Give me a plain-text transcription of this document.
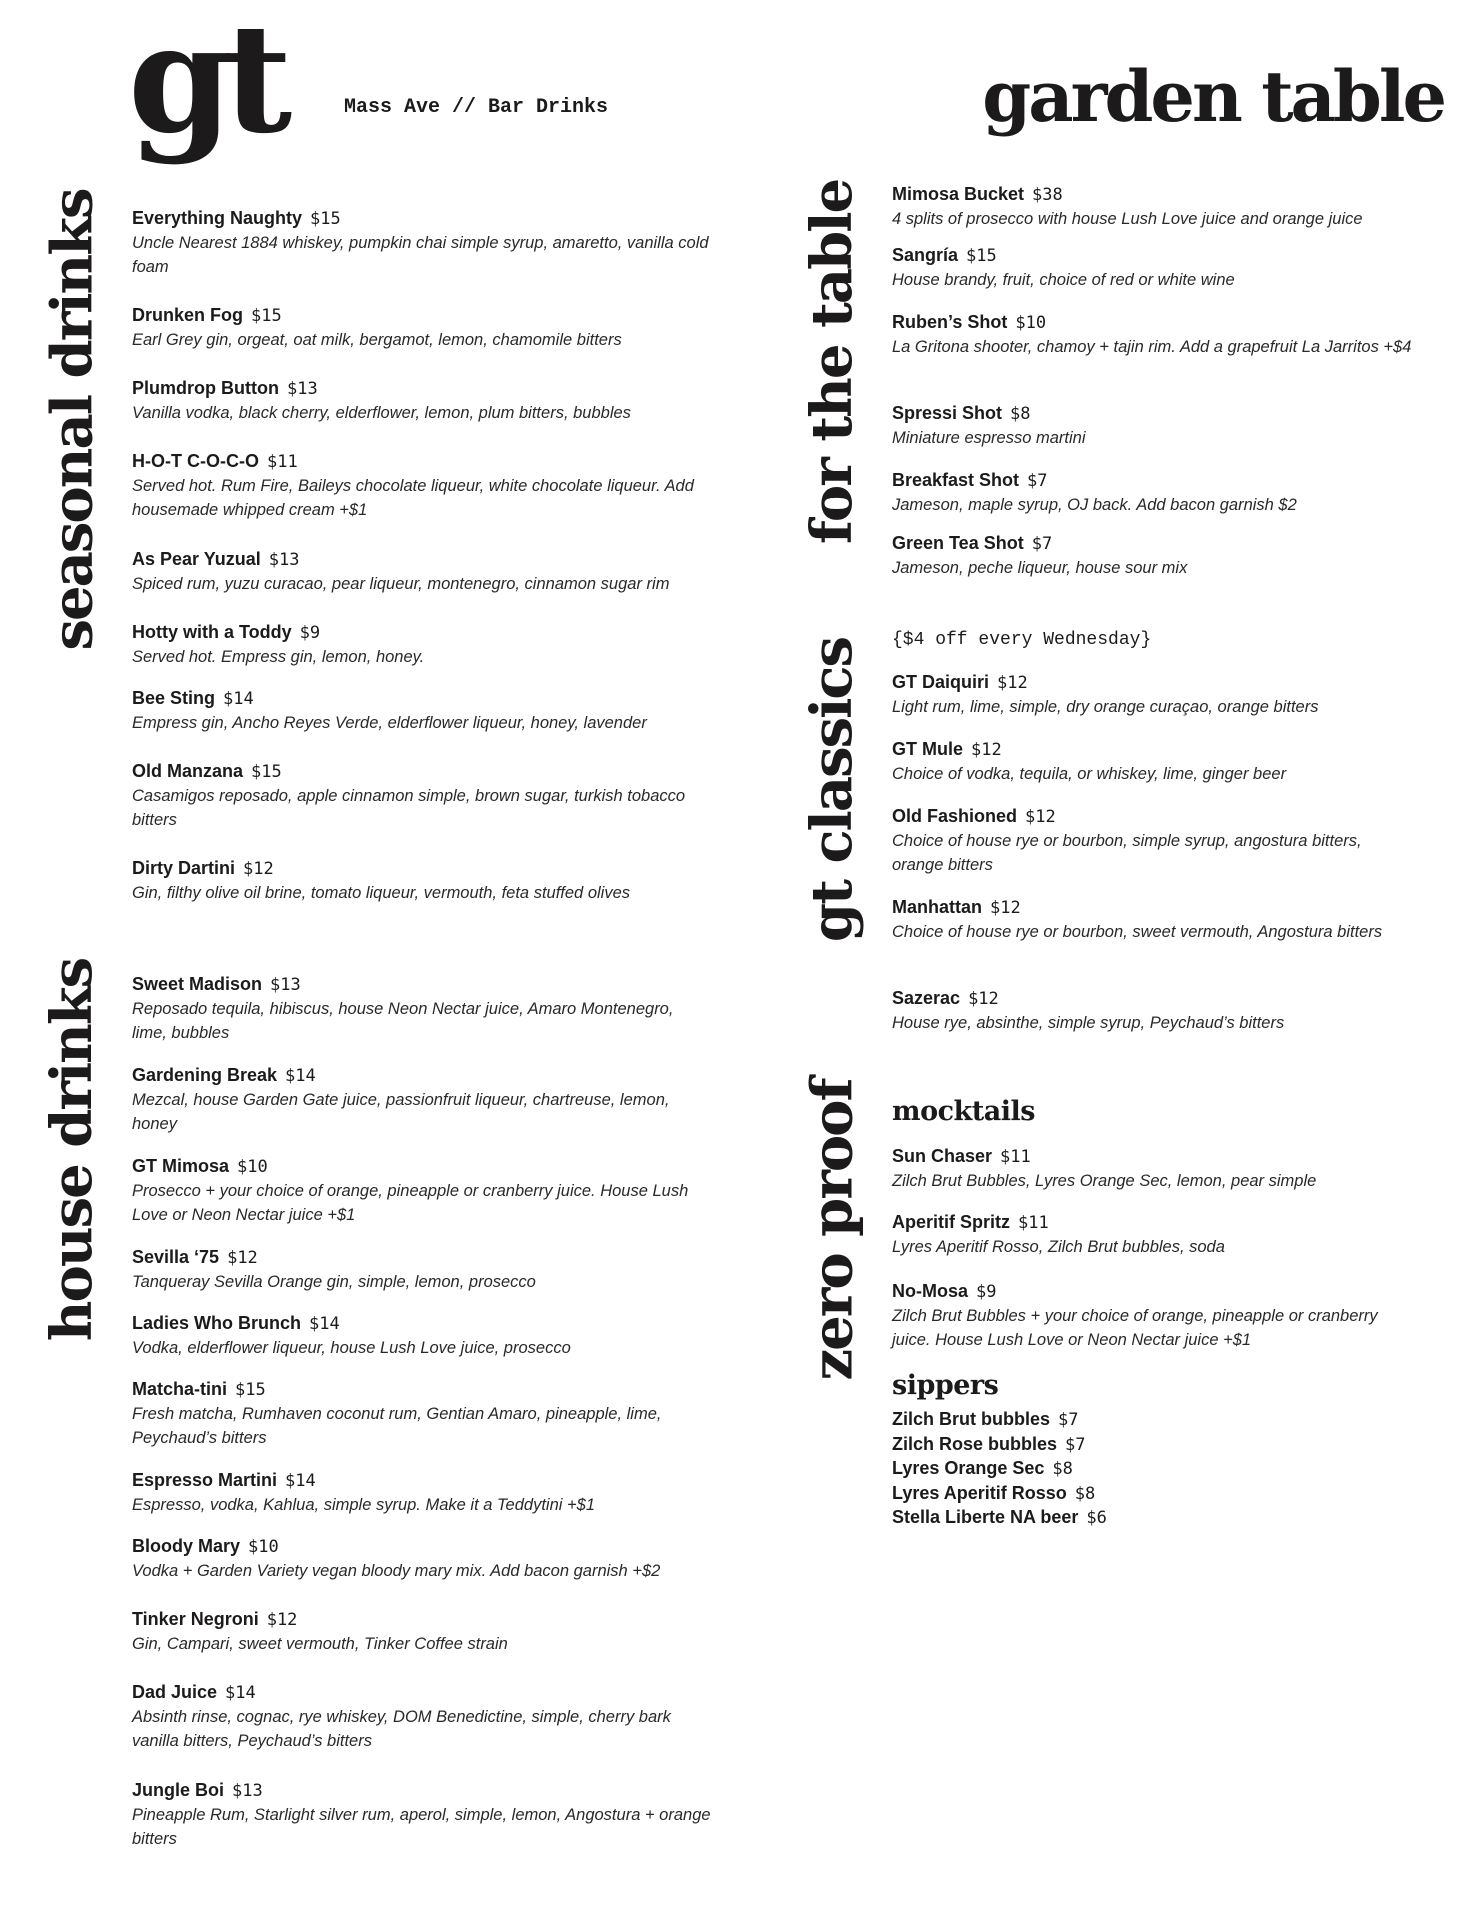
gt	Mass Ave // Bar Drinks	garden table
seasonal drinks
house drinks
for the table
gt classics
zero proof
Everything Naughty $15
Uncle Nearest 1884 whiskey, pumpkin chai simple syrup, amaretto, vanilla cold foam
Drunken Fog $15
Earl Grey gin, orgeat, oat milk, bergamot, lemon, chamomile bitters
Plumdrop Button $13
Vanilla vodka, black cherry, elderflower, lemon, plum bitters, bubbles
H-O-T C-O-C-O $11
Served hot. Rum Fire, Baileys chocolate liqueur, white chocolate liqueur. Add housemade whipped cream +$1
As Pear Yuzual $13
Spiced rum, yuzu curacao, pear liqueur, montenegro, cinnamon sugar rim
Hotty with a Toddy $9
Served hot. Empress gin, lemon, honey.
Bee Sting $14
Empress gin, Ancho Reyes Verde, elderflower liqueur, honey, lavender
Old Manzana $15
Casamigos reposado, apple cinnamon simple, brown sugar, turkish tobacco bitters
Dirty Dartini $12
Gin, filthy olive oil brine, tomato liqueur, vermouth, feta stuffed olives
Sweet Madison $13
Reposado tequila, hibiscus, house Neon Nectar juice, Amaro Montenegro, lime, bubbles
Gardening Break $14
Mezcal, house Garden Gate juice, passionfruit liqueur, chartreuse, lemon, honey
GT Mimosa $10
Prosecco + your choice of orange, pineapple or cranberry juice. House Lush Love or Neon Nectar juice +$1
Sevilla ‘75 $12
Tanqueray Sevilla Orange gin, simple, lemon, prosecco
Ladies Who Brunch $14
Vodka, elderflower liqueur, house Lush Love juice, prosecco
Matcha-tini $15
Fresh matcha, Rumhaven coconut rum, Gentian Amaro, pineapple, lime, Peychaud’s bitters
Espresso Martini $14
Espresso, vodka, Kahlua, simple syrup. Make it a Teddytini +$1
Bloody Mary $10
Vodka + Garden Variety vegan bloody mary mix. Add bacon garnish +$2
Tinker Negroni $12
Gin, Campari, sweet vermouth, Tinker Coffee strain
Dad Juice $14
Absinth rinse, cognac, rye whiskey, DOM Benedictine, simple, cherry bark vanilla bitters, Peychaud’s bitters
Jungle Boi $13
Pineapple Rum, Starlight silver rum, aperol, simple, lemon, Angostura + orange bitters
Mimosa Bucket $38
4 splits of prosecco with house Lush Love juice and orange juice
Sangría $15
House brandy, fruit, choice of red or white wine
Ruben’s Shot $10
La Gritona shooter, chamoy + tajin rim. Add a grapefruit La Jarritos +$4
Spressi Shot $8
Miniature espresso martini
Breakfast Shot $7
Jameson, maple syrup, OJ back. Add bacon garnish $2
Green Tea Shot $7
Jameson, peche liqueur, house sour mix
{$4 off every Wednesday}
GT Daiquiri $12
Light rum, lime, simple, dry orange curaçao, orange bitters
GT Mule $12
Choice of vodka, tequila, or whiskey, lime, ginger beer
Old Fashioned $12
Choice of house rye or bourbon, simple syrup, angostura bitters, orange bitters
Manhattan $12
Choice of house rye or bourbon, sweet vermouth, Angostura bitters
Sazerac $12
House rye, absinthe, simple syrup, Peychaud’s bitters
mocktails
Sun Chaser $11
Zilch Brut Bubbles, Lyres Orange Sec, lemon, pear simple
Aperitif Spritz $11
Lyres Aperitif Rosso, Zilch Brut bubbles, soda
No-Mosa $9
Zilch Brut Bubbles + your choice of orange, pineapple or cranberry juice. House Lush Love or Neon Nectar juice +$1
sippers
Zilch Brut bubbles $7
Zilch Rose bubbles $7
Lyres Orange Sec $8
Lyres Aperitif Rosso $8
Stella Liberte NA beer $6
